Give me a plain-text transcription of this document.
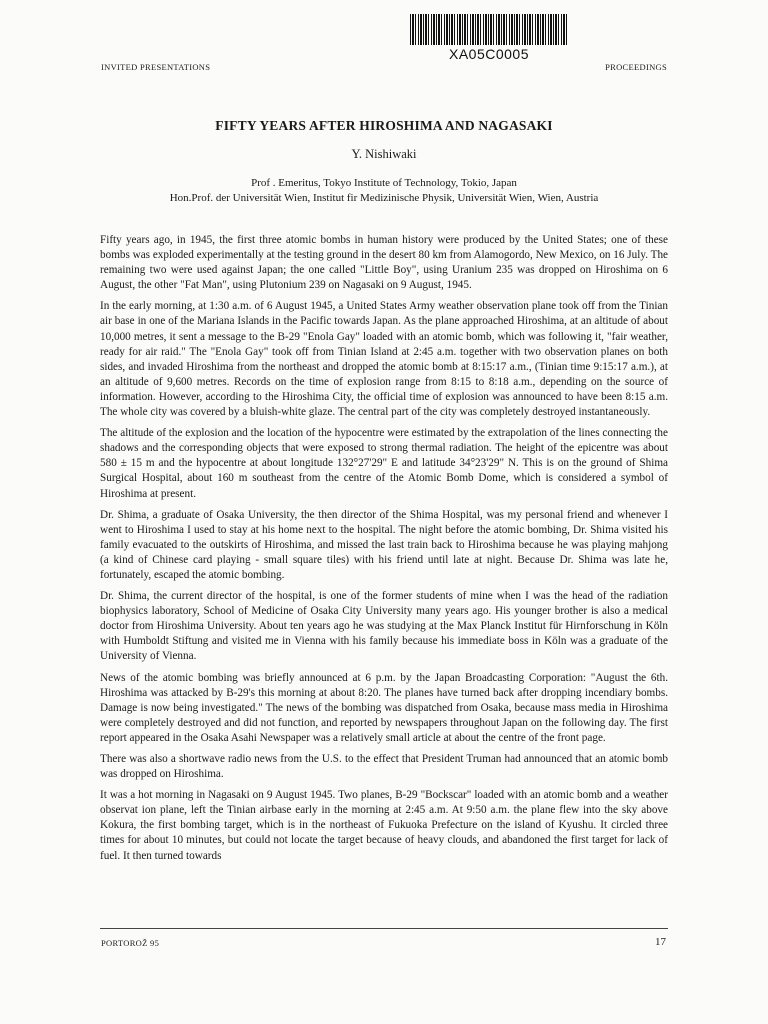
XA05C0005
INVITED PRESENTATIONS	PROCEEDINGS
FIFTY YEARS AFTER HIROSHIMA AND NAGASAKI
Y. Nishiwaki
Prof . Emeritus, Tokyo Institute of Technology, Tokio, Japan
Hon.Prof. der Universität Wien, Institut fir Medizinische Physik, Universität Wien, Wien, Austria

Fifty years ago, in 1945, the first three atomic bombs in human history were produced by the United States; one of these bombs was exploded experimentally at the testing ground in the desert 80 km from Alamogordo, New Mexico, on 16 July. The remaining two were used against Japan; the one called "Little Boy", using Uranium 235 was dropped on Hiroshima on 6 August, the other "Fat Man", using Plutonium 239 on Nagasaki on 9 August, 1945.

In the early morning, at 1:30 a.m. of 6 August 1945, a United States Army weather observation plane took off from the Tinian air base in one of the Mariana Islands in the Pacific towards Japan. As the plane approached Hiroshima, at an altitude of about 10,000 metres, it sent a message to the B-29 "Enola Gay" loaded with an atomic bomb, which was following it, "fair weather, ready for air raid." The "Enola Gay" took off from Tinian Island at 2:45 a.m. together with two observation planes on both sides, and invaded Hiroshima from the northeast and dropped the atomic bomb at 8:15:17 a.m., (Tinian time 9:15:17 a.m.), at an altitude of 9,600 metres. Records on the time of explosion range from 8:15 to 8:18 a.m., depending on the source of information. However, according to the Hiroshima City, the official time of explosion was announced to have been 8:15 a.m. The whole city was covered by a bluish-white glaze. The central part of the city was completely destroyed instantaneously.

The altitude of the explosion and the location of the hypocentre were estimated by the extrapolation of the lines connecting the shadows and the corresponding objects that were exposed to strong thermal radiation. The height of the epicentre was about 580 ± 15 m and the hypocentre at about longitude 132°27'29" E and latitude 34°23'29" N. This is on the ground of Shima Surgical Hospital, about 160 m southeast from the centre of the Atomic Bomb Dome, which is considered a symbol of Hiroshima at present.

Dr. Shima, a graduate of Osaka University, the then director of the Shima Hospital, was my personal friend and whenever I went to Hiroshima I used to stay at his home next to the hospital. The night before the atomic bombing, Dr. Shima visited his family evacuated to the outskirts of Hiroshima, and missed the last train back to Hiroshima because he was playing mahjong (a kind of Chinese card playing - small square tiles) with his friend until late at night. Because Dr. Shima was late he, fortunately, escaped the atomic bombing.

Dr. Shima, the current director of the hospital, is one of the former students of mine when I was the head of the radiation biophysics laboratory, School of Medicine of Osaka City University many years ago. His younger brother is also a medical doctor from Hiroshima University. About ten years ago he was studying at the Max Planck Institut für Hirnforschung in Köln with Humboldt Stiftung and visited me in Vienna with his family because his immediate boss in Köln was a graduate of the University of Vienna.

News of the atomic bombing was briefly announced at 6 p.m. by the Japan Broadcasting Corporation: "August the 6th. Hiroshima was attacked by B-29's this morning at about 8:20. The planes have turned back after dropping incendiary bombs. Damage is now being investigated." The news of the bombing was dispatched from Osaka, because mass media in Hiroshima were completely destroyed and did not function, and reported by newspapers throughout Japan on the following day. The first report appeared in the Osaka Asahi Newspaper was a relatively small article at about the centre of the front page.

There was also a shortwave radio news from the U.S. to the effect that President Truman had announced that an atomic bomb was dropped on Hiroshima.

It was a hot morning in Nagasaki on 9 August 1945. Two planes, B-29 "Bockscar" loaded with an atomic bomb and a weather observat ion plane, left the Tinian airbase early in the morning at 2:45 a.m. At 9:50 a.m. the plane flew into the sky above Kokura, the first bombing target, which is in the northeast of Fukuoka Prefecture on the island of Kyushu. It circled three times for about 10 minutes, but could not locate the target because of heavy clouds, and abandoned the first target for lack of fuel. It then turned towards

PORTOROŽ 95	17
